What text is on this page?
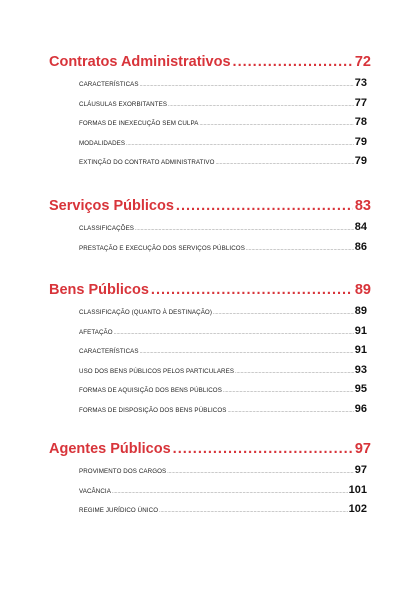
Contratos Administrativos .....	72
CARACTERÍSTICAS .....	73
CLÁUSULAS EXORBITANTES .....	77
FORMAS DE INEXECUÇÃO SEM CULPA .....	78
MODALIDADES .....	79
EXTINÇÃO DO CONTRATO ADMINISTRATIVO .....	79
Serviços Públicos .....	83
CLASSIFICAÇÕES .....	84
PRESTAÇÃO E EXECUÇÃO DOS SERVIÇOS PÚBLICOS .....	86
Bens Públicos .....	89
CLASSIFICAÇÃO (QUANTO À DESTINAÇÃO) .....	89
AFETAÇÃO .....	91
CARACTERÍSTICAS .....	91
USO DOS BENS PÚBLICOS PELOS PARTICULARES .....	93
FORMAS DE AQUISIÇÃO DOS BENS PÚBLICOS .....	95
FORMAS DE DISPOSIÇÃO DOS BENS PÚBLICOS .....	96
Agentes Públicos .....	97
PROVIMENTO DOS CARGOS .....	97
VACÂNCIA .....	101
REGIME JURÍDICO ÚNICO .....	102
